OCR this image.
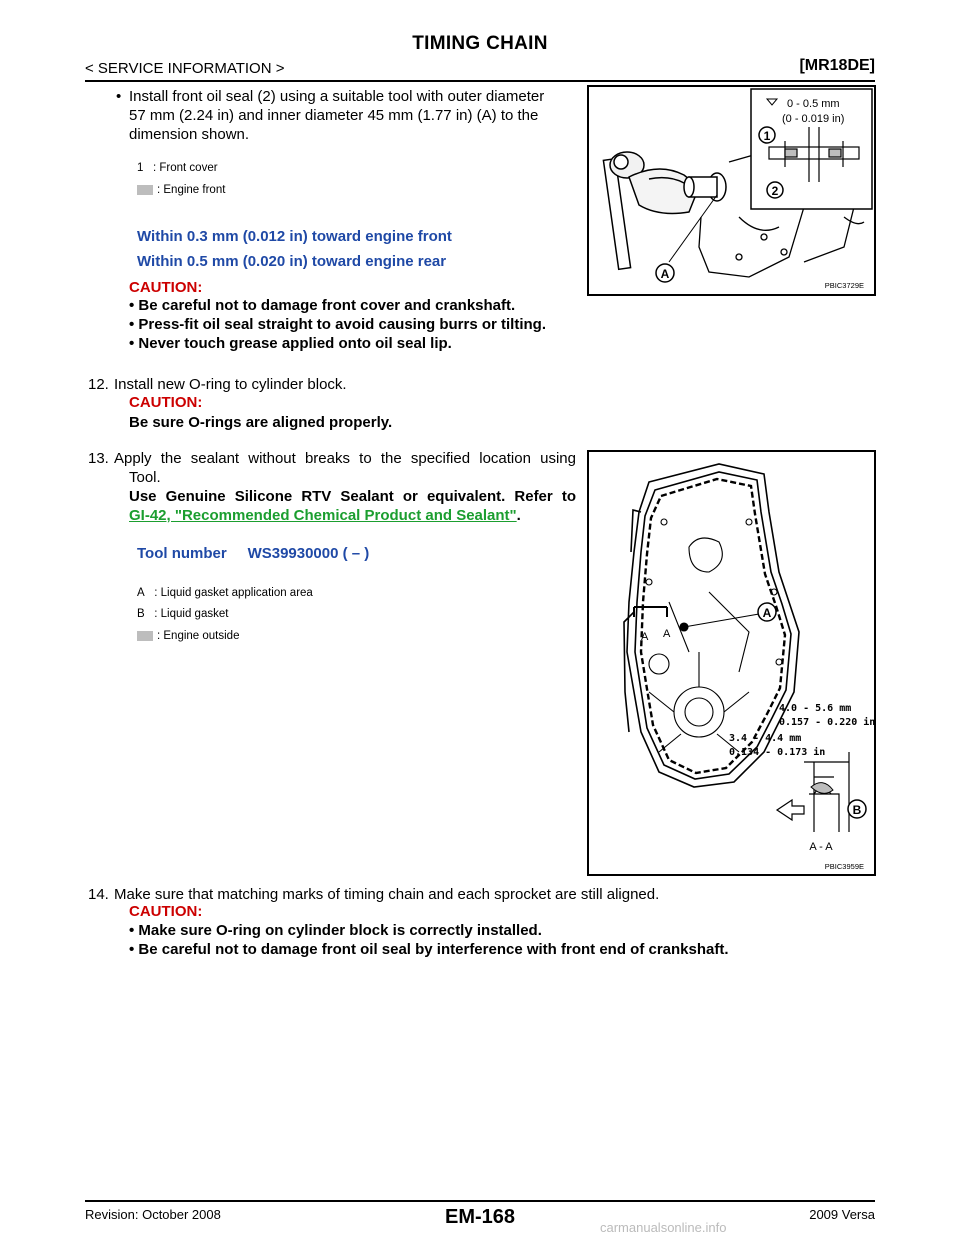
TIMING CHAIN
< SERVICE INFORMATION >	[MR18DE]
• Install front oil seal (2) using a suitable tool with outer diameter
57 mm (2.24 in) and inner diameter 45 mm (1.77 in) (A) to the
dimension shown.
1 : Front cover
: Engine front
Within 0.3 mm (0.012 in) toward engine front
Within 0.5 mm (0.020 in) toward engine rear
A
0 - 0.5 mm
(0 - 0.019 in)
1
2
PBIC3729E
CAUTION:
• Be careful not to damage front cover and crankshaft.
• Press-fit oil seal straight to avoid causing burrs or tilting.
• Never touch grease applied onto oil seal lip.
12. Install new O-ring to cylinder block.
CAUTION:
Be sure O-rings are aligned properly.
13. Apply the sealant without breaks to the specified location using
Tool.
Use Genuine Silicone RTV Sealant or equivalent. Refer to
GI-42, "Recommended Chemical Product and Sealant".
Tool number WS39930000 ( – )
A : Liquid gasket application area
B : Liquid gasket
: Engine outside	A A
A
4.0 - 5.6 mm
0.157 - 0.220 in
3.4 - 4.4 mm
0.134 - 0.173 in
B
A - A
PBIC3959E
14. Make sure that matching marks of timing chain and each sprocket are still aligned.
CAUTION:
• Make sure O-ring on cylinder block is correctly installed.
• Be careful not to damage front oil seal by interference with front end of crankshaft.
Revision: October 2008	EM-168	2009 Versa
carmanualsonline.info
